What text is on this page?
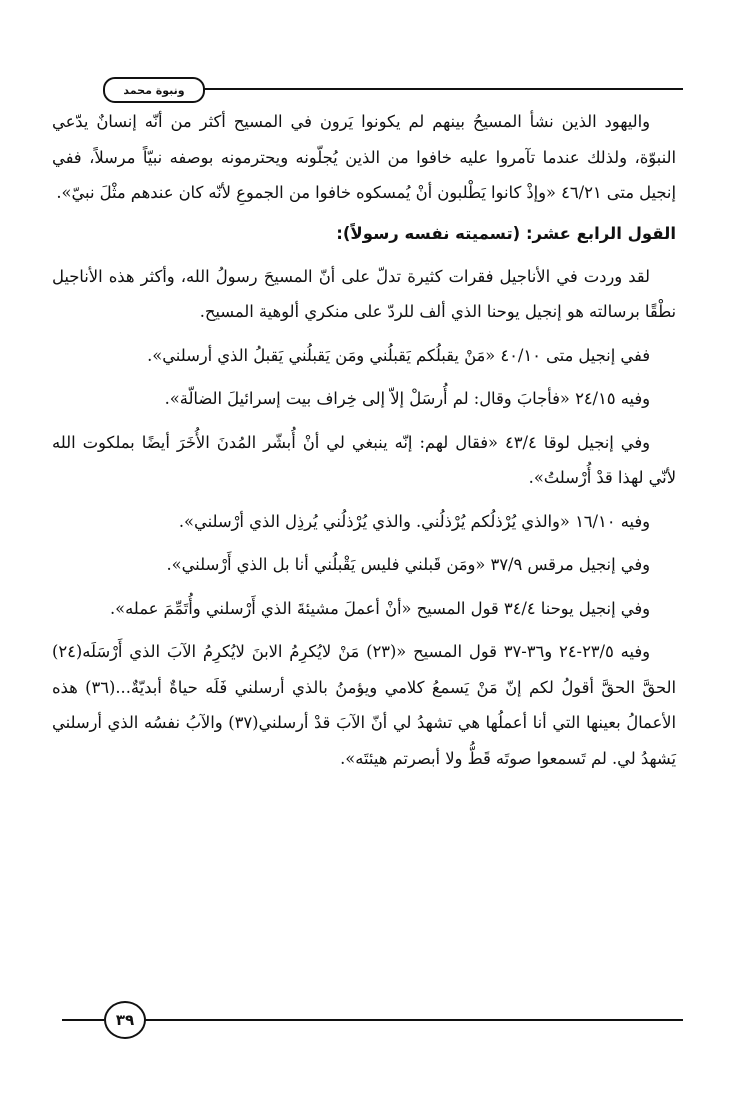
ونبوة محمد

واليهود الذين نشأ المسيحُ بينهم لم يكونوا يَرون في المسيح أكثر من أنّه إنسانٌ يدّعي النبوّة، ولذلك عندما تآمروا عليه خافوا من الذين يُجلّونه ويحترمونه بوصفه نبيّاً مرسلاً، ففي إنجيل متى ٤٦/٢١ «وإذْ كانوا يَطْلبون أنْ يُمسكوه خافوا من الجموعِ لأنّه كان عندهم مثْلَ نبيّ».

القول الرابع عشر: (تسميته نفسه رسولاً):

لقد وردت في الأناجيل فقرات كثيرة تدلّ على أنّ المسيحَ رسولُ الله، وأكثر هذه الأناجيل نطْقًا برسالته هو إنجيل يوحنا الذي ألف للردّ على منكري ألوهية المسيح.

ففي إنجيل متى ٤٠/١٠ «مَنْ يقبلُكم يَقبلُني ومَن يَقبلُني يَقبلُ الذي أرسلني».

وفيه ٢٤/١٥ «فأجابَ وقال: لم أُرسَلْ إلاّ إلى خِراف بيت إسرائيلَ الضالّة».

وفي إنجيل لوقا ٤٣/٤ «فقال لهم: إنّه ينبغي لي أنْ أُبشّر المُدنَ الأُخَرَ أيضًا بملكوت الله لأنّي لهذا قدْ أُرْسلتُ».

وفيه ١٦/١٠ «والذي يُرْذلُكم يُرْذلُني. والذي يُرْذلُني يُرذِل الذي أرْسلني».

وفي إنجيل مرقس ٣٧/٩ «ومَن قَبلني فليس يَقْبلُني أنا بل الذي أَرْسلني».

وفي إنجيل يوحنا ٣٤/٤ قول المسيح «أنْ أعملَ مشيئةَ الذي أَرْسلني وأُتَمِّمَ عمله».

وفيه ٢٣/٥-٢٤ و٣٦-٣٧ قول المسيح «(٢٣) مَنْ لايُكرِمُ الابنَ لايُكرِمُ الآبَ الذي أَرْسَلَه(٢٤) الحقَّ الحقَّ أقولُ لكم إنّ مَنْ يَسمعُ كلامي ويؤمنُ بالذي أرسلني فَلَه حياةٌ أبديّةٌ...(٣٦) هذه الأعمالُ بعينها التي أنا أعملُها هي تشهدُ لي أنّ الآبَ قدْ أرسلني(٣٧) والآبُ نفسُه الذي أرسلني يَشهدُ لي. لم تَسمعوا صوتَه قَطُّ ولا أبصرتم هيئتَه».

٣٩
